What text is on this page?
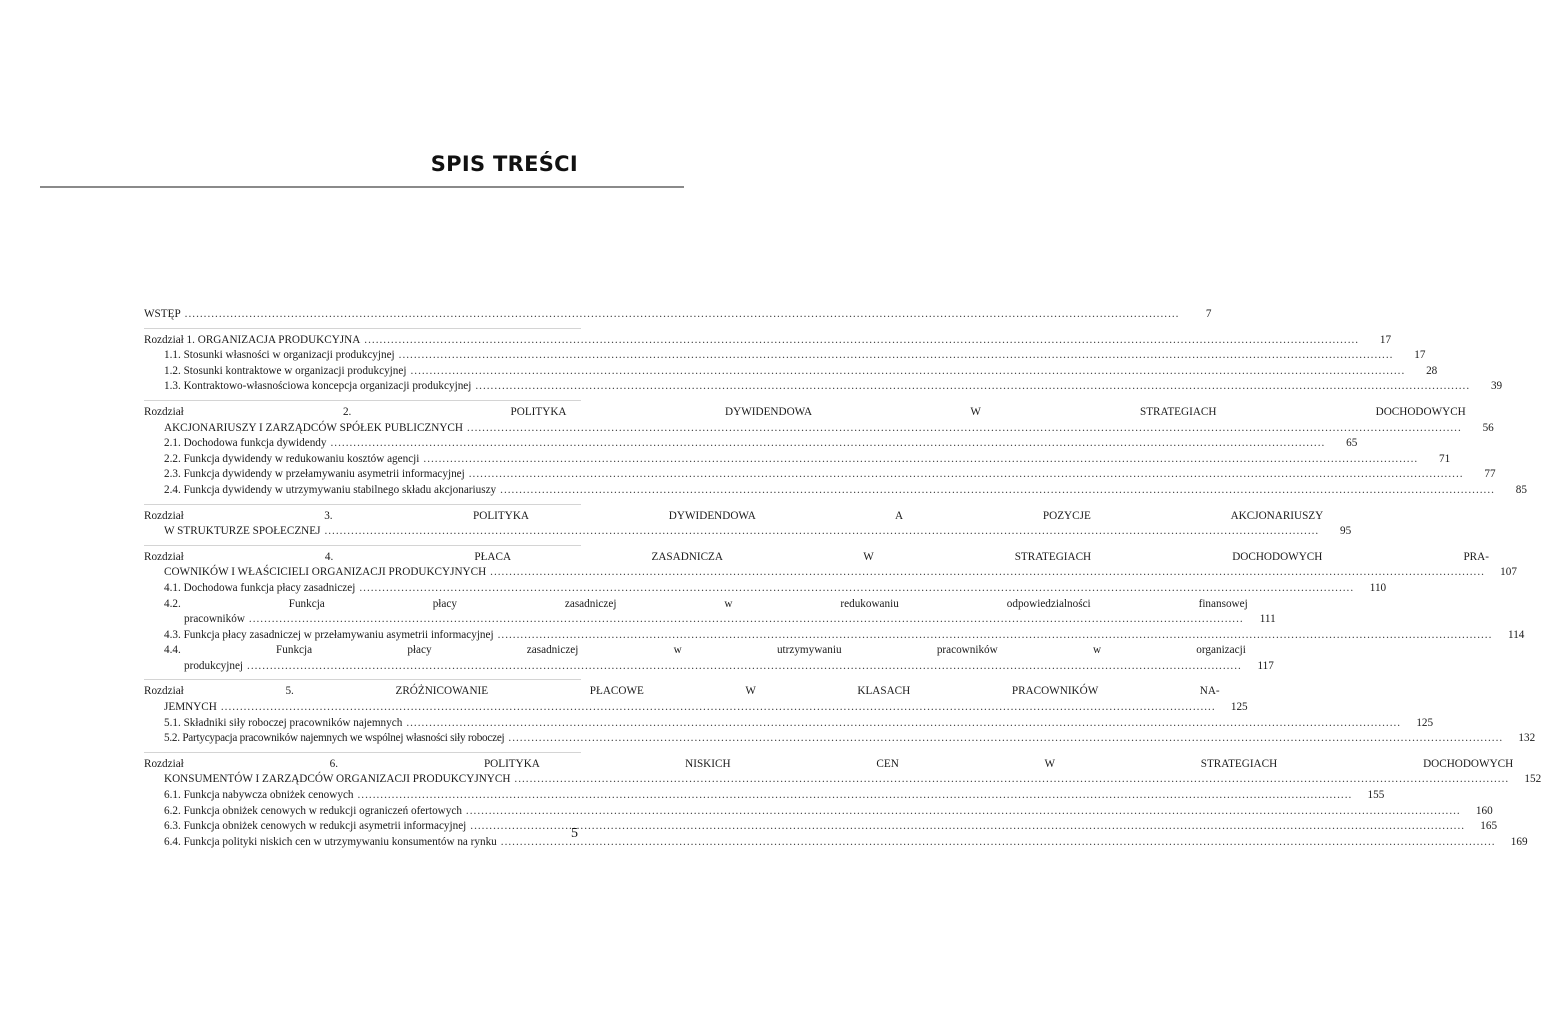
SPIS TREŚCI
WSTĘP .....	7
Rozdział 1. ORGANIZACJA PRODUKCYJNA .....	17
1.1. Stosunki własności w organizacji produkcyjnej .....	17
1.2. Stosunki kontraktowe w organizacji produkcyjnej .....	28
1.3. Kontraktowo-własnościowa koncepcja organizacji produkcyjnej .....	39
Rozdział 2. POLITYKA DYWIDENDOWA W STRATEGIACH DOCHODOWYCH
AKCJONARIUSZY I ZARZĄDCÓW SPÓŁEK PUBLICZNYCH .....	56
2.1. Dochodowa funkcja dywidendy .....	65
2.2. Funkcja dywidendy w redukowaniu kosztów agencji .....	71
2.3. Funkcja dywidendy w przełamywaniu asymetrii informacyjnej .....	77
2.4. Funkcja dywidendy w utrzymywaniu stabilnego składu akcjonariuszy .....	85
Rozdział 3. POLITYKA DYWIDENDOWA A POZYCJE AKCJONARIUSZY
W STRUKTURZE SPOŁECZNEJ .....	95
Rozdział 4. PŁACA ZASADNICZA W STRATEGIACH DOCHODOWYCH PRA-
COWNIKÓW I WŁAŚCICIELI ORGANIZACJI PRODUKCYJNYCH .....	107
4.1. Dochodowa funkcja płacy zasadniczej .....	110
4.2. Funkcja płacy zasadniczej w redukowaniu odpowiedzialności finansowej
pracowników .....	111
4.3. Funkcja płacy zasadniczej w przełamywaniu asymetrii informacyjnej .....	114
4.4. Funkcja płacy zasadniczej w utrzymywaniu pracowników w organizacji
produkcyjnej .....	117
Rozdział 5. ZRÓŻNICOWANIE PŁACOWE W KLASACH PRACOWNIKÓW NA-
JEMNYCH .....	125
5.1. Składniki siły roboczej pracowników najemnych .....	125
5.2. Partycypacja pracowników najemnych we wspólnej własności siły roboczej .....	132
Rozdział 6. POLITYKA NISKICH CEN W STRATEGIACH DOCHODOWYCH
KONSUMENTÓW I ZARZĄDCÓW ORGANIZACJI PRODUKCYJNYCH .....	152
6.1. Funkcja nabywcza obniżek cenowych .....	155
6.2. Funkcja obniżek cenowych w redukcji ograniczeń ofertowych .....	160
6.3. Funkcja obniżek cenowych w redukcji asymetrii informacyjnej .....	165
6.4. Funkcja polityki niskich cen w utrzymywaniu konsumentów na rynku .....	169
5
